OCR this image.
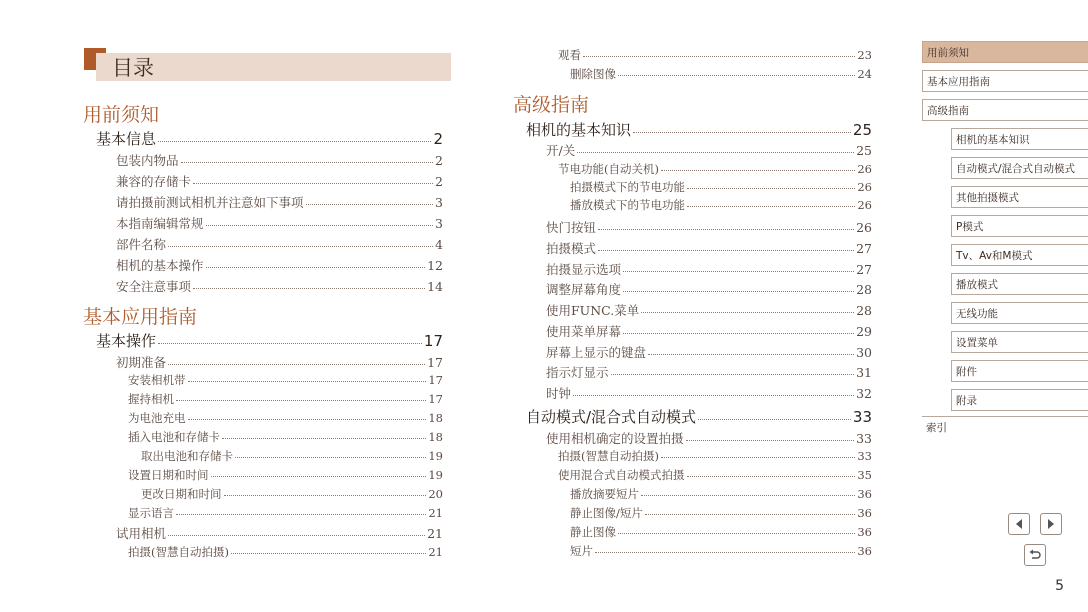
目录
用前须知
基本信息	2
包装内物品	2
兼容的存储卡	2
请拍摄前测试相机并注意如下事项	3
本指南编辑常规	3
部件名称	4
相机的基本操作	12
安全注意事项	14
基本应用指南
基本操作	17
初期准备	17
安装相机带	17
握持相机	17
为电池充电	18
插入电池和存储卡	18
取出电池和存储卡	19
设置日期和时间	19
更改日期和时间	20
显示语言	21
试用相机	21
拍摄(智慧自动拍摄)	21
观看	23
删除图像	24
高级指南
相机的基本知识	25
开/关	25
节电功能(自动关机)	26
拍摄模式下的节电功能	26
播放模式下的节电功能	26
快门按钮	26
拍摄模式	27
拍摄显示选项	27
调整屏幕角度	28
使用FUNC.菜单	28
使用菜单屏幕	29
屏幕上显示的键盘	30
指示灯显示	31
时钟	32
自动模式/混合式自动模式	33
使用相机确定的设置拍摄	33
拍摄(智慧自动拍摄)	33
使用混合式自动模式拍摄	35
播放摘要短片	36
静止图像/短片	36
静止图像	36
短片	36
用前须知
基本应用指南
高级指南
相机的基本知识
自动模式/混合式自动模式
其他拍摄模式
P模式
Tv、Av和M模式
播放模式
无线功能
设置菜单
附件
附录
索引
5
